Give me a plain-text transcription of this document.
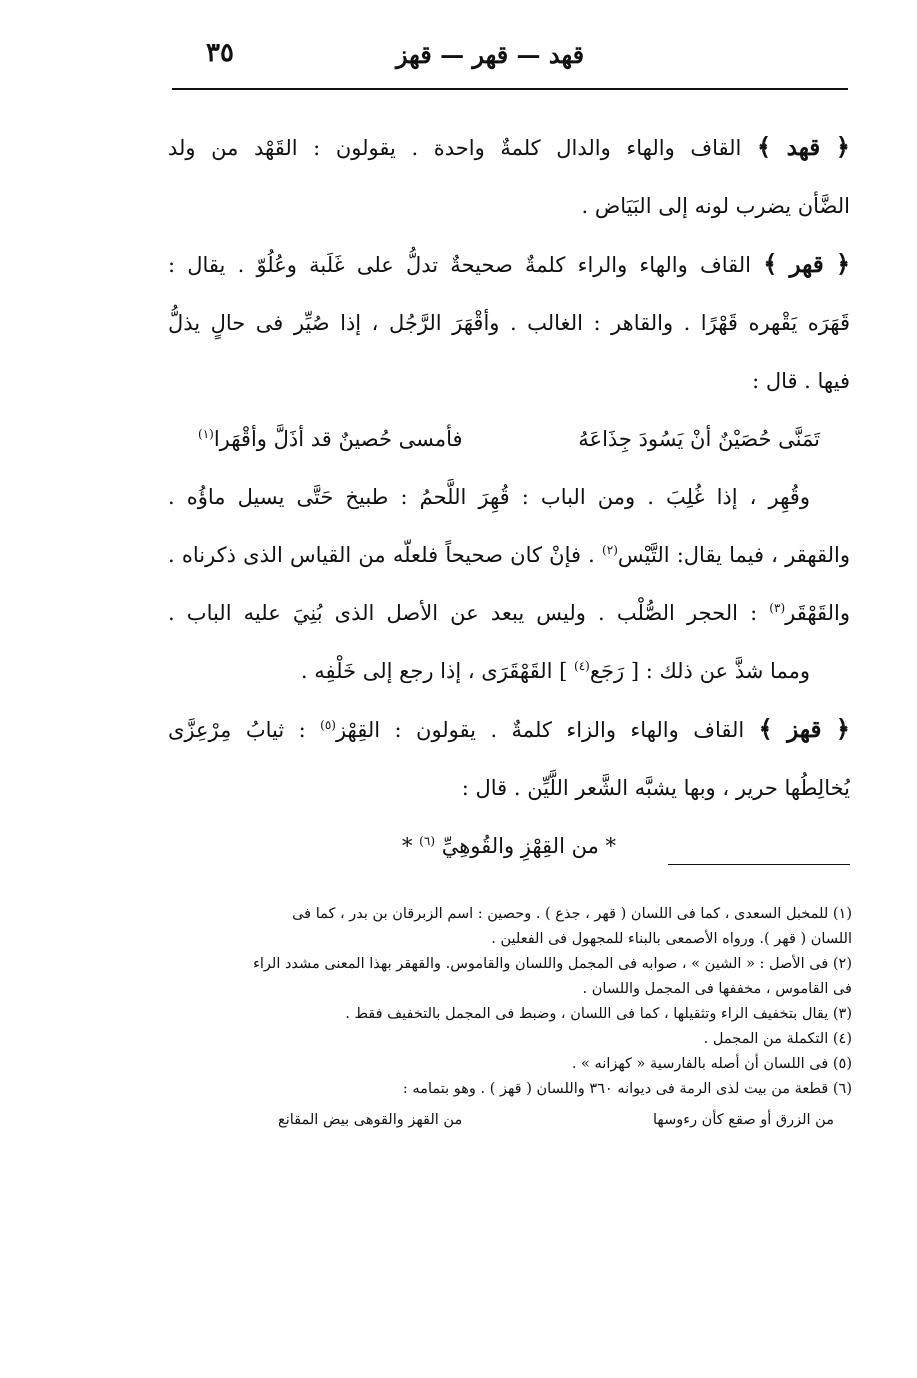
قهد — قهر — قهز
٣٥
﴿ قهد ﴾ القاف والهاء والدال كلمةٌ واحدة . يقولون : القَهْد من ولد
الضَّأن يضرب لونه إلى البَيَاض .
﴿ قهر ﴾ القاف والهاء والراء كلمةٌ صحيحةٌ تدلُّ على غَلَبة وعُلُوّ . يقال :
قَهَرَه يَقْهره قَهْرًا . والقاهر : الغالب . وأقْهَرَ الرَّجُل ، إذا صُيِّر فى حالٍ يذلُّ
فيها . قال :
تَمَنَّى حُصَيْنٌ أنْ يَسُودَ جِذَاعَهُ
فأمسى حُصينٌ قد أذَلَّ وأقْهَرا$^{(١)}$
وقُهِر ، إذا غُلِبَ . ومن الباب : قُهِرَ اللَّحمُ : طبيخ حَتَّى يسيل ماؤُه .
والقهقر ، فيما يقال: التَّيْس$^{(٢)}$ . فإنْ كان صحيحاً فلعلّه من القياس الذى ذكرناه .
والقَهْقَر$^{(٣)}$ : الحجر الصُّلْب . وليس يبعد عن الأصل الذى بُنِيَ عليه الباب .
ومما شذَّ عن ذلك : [ رَجَع$^{(٤)}$ ] القَهْقَرَى ، إذا رجع إلى خَلْفِه .
﴿ قهز ﴾ القاف والهاء والزاء كلمةٌ . يقولون : القِهْز$^{(٥)}$ : ثيابُ مِرْعِزَّى
يُخالِطُها حرير ، وبها يشبَّه الشَّعر اللَّيِّن . قال :
* من القِهْزِ والقُوهِيِّ $^{(٦)}$ *
(١) للمخبل السعدى ، كما فى اللسان ( قهر ، جذع ) . وحصين : اسم الزبرقان بن بدر ، كما فى
اللسان ( قهر ). ورواه الأصمعى بالبناء للمجهول فى الفعلين .
(٢) فى الأصل : « الشين » ، صوابه فى المجمل واللسان والقاموس. والقهقر بهذا المعنى مشدد الراء
فى القاموس ، مخففها فى المجمل واللسان .
(٣) يقال بتخفيف الراء وتثقيلها ، كما فى اللسان ، وضبط فى المجمل بالتخفيف فقط .
(٤) التكملة من المجمل .
(٥) فى اللسان أن أصله بالفارسية « كهزانه » .
(٦) قطعة من بيت لذى الرمة فى ديوانه ٣٦٠ واللسان ( قهز ) . وهو بتمامه :
من الزرق أو صقع كأن رءوسها
من القهز والقوهى بيض المقانع
